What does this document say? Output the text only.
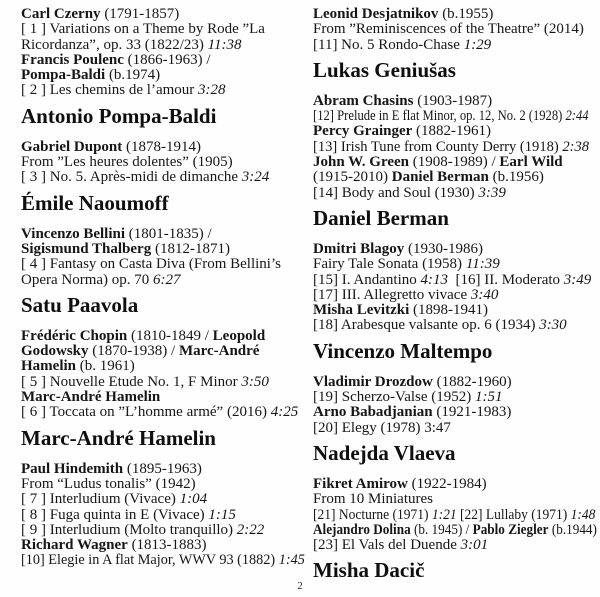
Carl Czerny (1791-1857)
[ 1 ] Variations on a Theme by Rode ”La
Ricordanza”, op. 33 (1822/23) 11:38
Francis Poulenc (1866-1963) /
Pompa-Baldi (b.1974)
[ 2 ] Les chemins de l’amour 3:28
Antonio Pompa-Baldi
Gabriel Dupont (1878-1914)
From ”Les heures dolentes” (1905)
[ 3 ] No. 5. Après-midi de dimanche 3:24
Émile Naoumoff
Vincenzo Bellini (1801-1835) /
Sigismund Thalberg (1812-1871)
[ 4 ] Fantasy on Casta Diva (From Bellini’s
Opera Norma) op. 70 6:27
Satu Paavola
Frédéric Chopin (1810-1849 / Leopold
Godowsky (1870-1938) / Marc-André
Hamelin (b. 1961)
[ 5 ] Nouvelle Etude No. 1, F Minor 3:50
Marc-André Hamelin
[ 6 ] Toccata on ”L’homme armé” (2016) 4:25
Marc-André Hamelin
Paul Hindemith (1895-1963)
From “Ludus tonalis” (1942)
[ 7 ] Interludium (Vivace) 1:04
[ 8 ] Fuga quinta in E (Vivace) 1:15
[ 9 ] Interludium (Molto tranquillo) 2:22
Richard Wagner (1813-1883)
[10] Elegie in A flat Major, WWV 93 (1882) 1:45
Leonid Desjatnikov (b.1955)
From ”Reminiscences of the Theatre” (2014)
[11] No. 5 Rondo-Chase 1:29
Lukas Geniušas
Abram Chasins (1903-1987)
[12] Prelude in E flat Minor, op. 12, No. 2 (1928) 2:44
Percy Grainger (1882-1961)
[13] Irish Tune from County Derry (1918) 2:38
John W. Green (1908-1989) / Earl Wild
(1915-2010) Daniel Berman (b.1956)
[14] Body and Soul (1930) 3:39
Daniel Berman
Dmitri Blagoy (1930-1986)
Fairy Tale Sonata (1958) 11:39
[15] I. Andantino 4:13  [16] II. Moderato 3:49
[17] III. Allegretto vivace 3:40
Misha Levitzki (1898-1941)
[18] Arabesque valsante op. 6 (1934) 3:30
Vincenzo Maltempo
Vladimir Drozdow (1882-1960)
[19] Scherzo-Valse (1952) 1:51
Arno Babadjanian (1921-1983)
[20] Elegy (1978) 3:47
Nadejda Vlaeva
Fikret Amirow (1922-1984)
From 10 Miniatures
[21] Nocturne (1971) 1:21 [22] Lullaby (1971) 1:48
Alejandro Dolina (b. 1945) / Pablo Ziegler (b.1944)
[23] El Vals del Duende 3:01
Misha Dacič
2
